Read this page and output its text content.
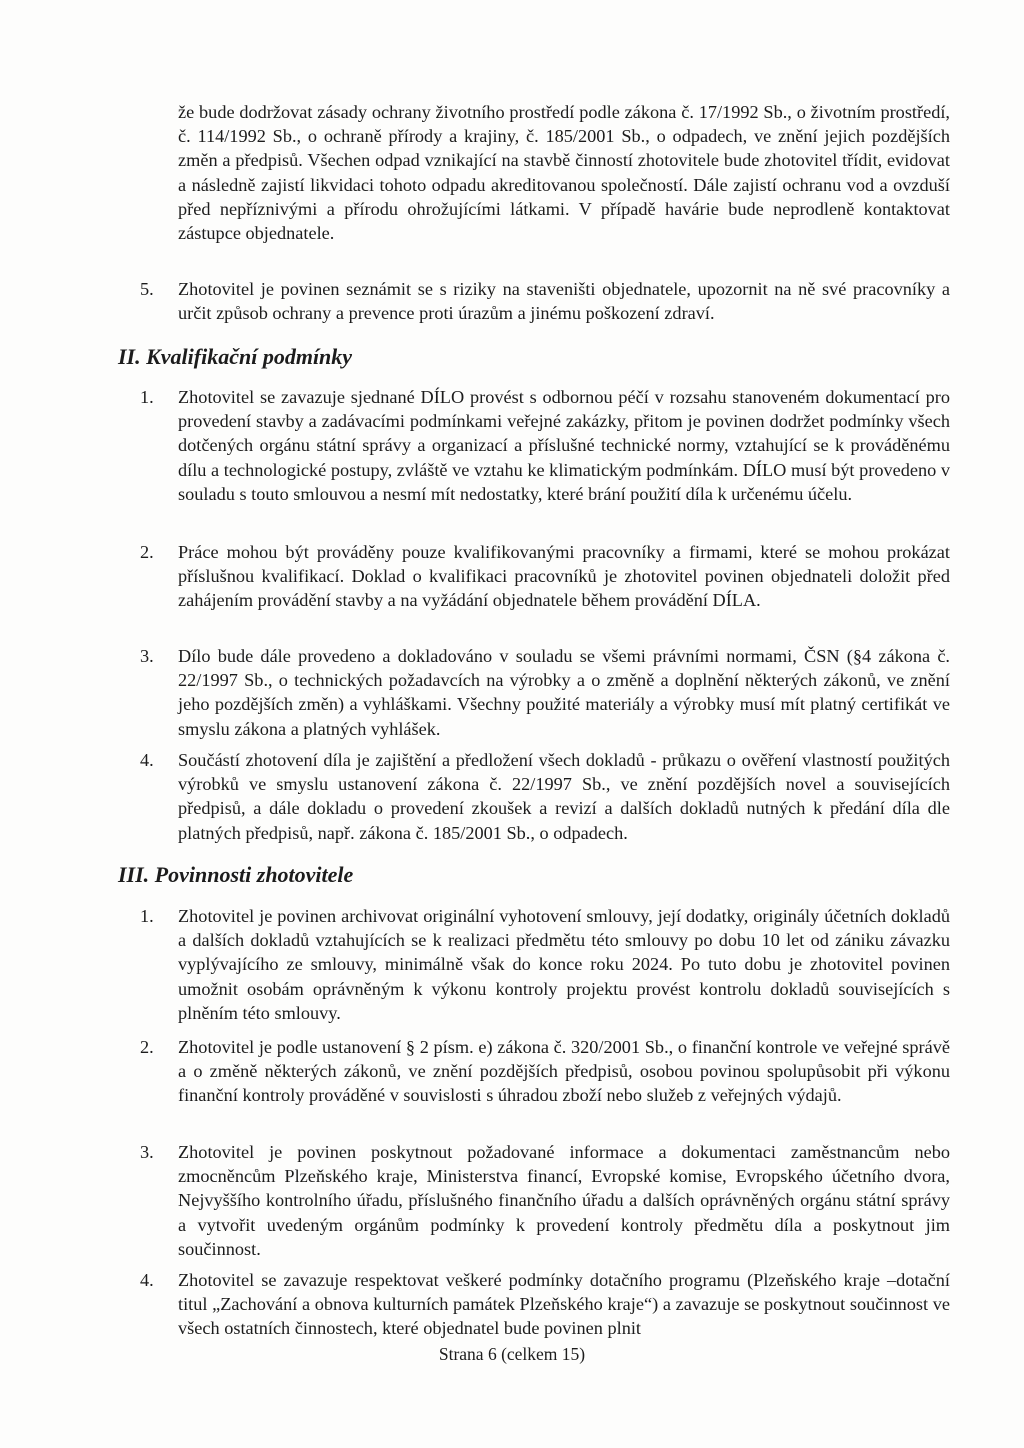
že bude dodržovat zásady ochrany životního prostředí podle zákona č. 17/1992 Sb., o životním prostředí, č. 114/1992 Sb., o ochraně přírody a krajiny, č. 185/2001 Sb., o odpadech, ve znění jejich pozdějších změn a předpisů. Všechen odpad vznikající na stavbě činností zhotovitele bude zhotovitel třídit, evidovat a následně zajistí likvidaci tohoto odpadu akreditovanou společností. Dále zajistí ochranu vod a ovzduší před nepříznivými a přírodu ohrožujícími látkami. V případě havárie bude neprodleně kontaktovat zástupce objednatele.

5.	Zhotovitel je povinen seznámit se s riziky na staveništi objednatele, upozornit na ně své pracovníky a určit způsob ochrany a prevence proti úrazům a jinému poškození zdraví.
II. Kvalifikační podmínky
1.	Zhotovitel se zavazuje sjednané DÍLO provést s odbornou péčí v rozsahu stanoveném dokumentací pro provedení stavby a zadávacími podmínkami veřejné zakázky, přitom je povinen dodržet podmínky všech dotčených orgánu státní správy a organizací a příslušné technické normy, vztahující se k prováděnému dílu a technologické postupy, zvláště ve vztahu ke klimatickým podmínkám. DÍLO musí být provedeno v souladu s touto smlouvou a nesmí mít nedostatky, které brání použití díla k určenému účelu.
2.	Práce mohou být prováděny pouze kvalifikovanými pracovníky a firmami, které se mohou prokázat příslušnou kvalifikací. Doklad o kvalifikaci pracovníků je zhotovitel povinen objednateli doložit před zahájením provádění stavby a na vyžádání objednatele během provádění DÍLA.
3.	Dílo bude dále provedeno a dokladováno v souladu se všemi právními normami, ČSN (§4 zákona č. 22/1997 Sb., o technických požadavcích na výrobky a o změně a doplnění některých zákonů, ve znění jeho pozdějších změn) a vyhláškami. Všechny použité materiály a výrobky musí mít platný certifikát ve smyslu zákona a platných vyhlášek.
4.	Součástí zhotovení díla je zajištění a předložení všech dokladů - průkazu o ověření vlastností použitých výrobků ve smyslu ustanovení zákona č. 22/1997 Sb., ve znění pozdějších novel a souvisejících předpisů, a dále dokladu o provedení zkoušek a revizí a dalších dokladů nutných k předání díla dle platných předpisů, např. zákona č. 185/2001 Sb., o odpadech.
III. Povinnosti zhotovitele
1.	Zhotovitel je povinen archivovat originální vyhotovení smlouvy, její dodatky, originály účetních dokladů a dalších dokladů vztahujících se k realizaci předmětu této smlouvy po dobu 10 let od zániku závazku vyplývajícího ze smlouvy, minimálně však do konce roku 2024. Po tuto dobu je zhotovitel povinen umožnit osobám oprávněným k výkonu kontroly projektu provést kontrolu dokladů souvisejících s plněním této smlouvy.
2.	Zhotovitel je podle ustanovení § 2 písm. e) zákona č. 320/2001 Sb., o finanční kontrole ve veřejné správě a o změně některých zákonů, ve znění pozdějších předpisů, osobou povinou spolupůsobit při výkonu finanční kontroly prováděné v souvislosti s úhradou zboží nebo služeb z veřejných výdajů.
3.	Zhotovitel je povinen poskytnout požadované informace a dokumentaci zaměstnancům nebo zmocněncům Plzeňského kraje, Ministerstva financí, Evropské komise, Evropského účetního dvora, Nejvyššího kontrolního úřadu, příslušného finančního úřadu a dalších oprávněných orgánu státní správy a vytvořit uvedeným orgánům podmínky k provedení kontroly předmětu díla a poskytnout jim součinnost.
4.	Zhotovitel se zavazuje respektovat veškeré podmínky dotačního programu (Plzeňského kraje –dotační titul „Zachování a obnova kulturních památek Plzeňského kraje“) a zavazuje se poskytnout součinnost ve všech ostatních činnostech, které objednatel bude povinen plnit
Strana 6 (celkem 15)
